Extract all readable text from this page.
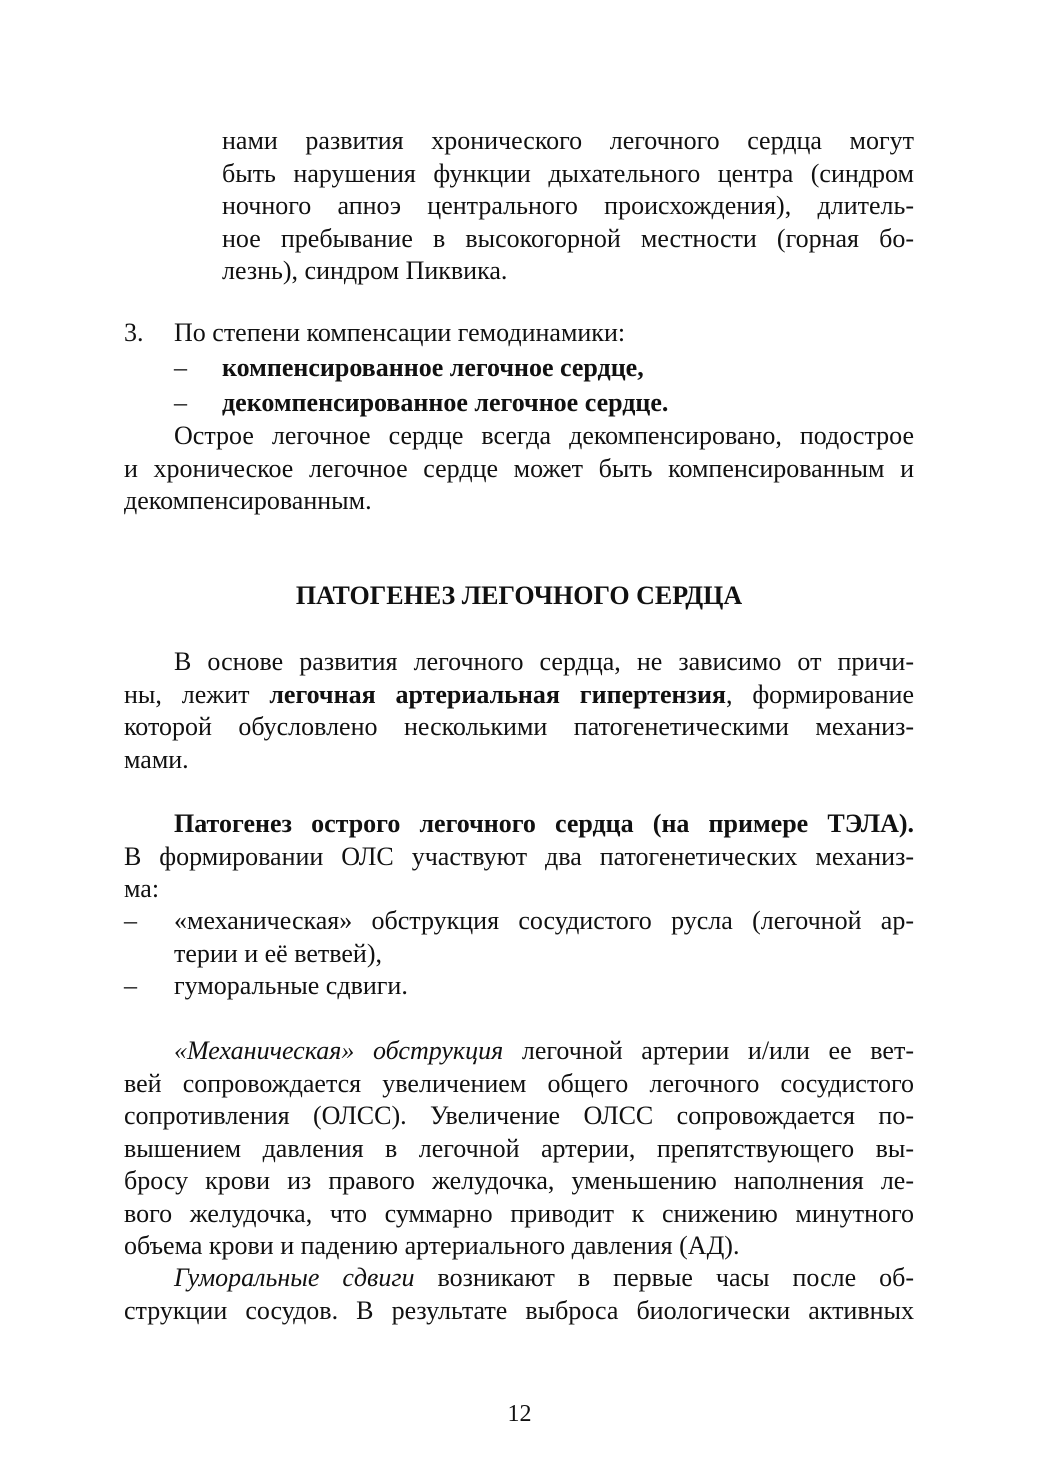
нами развития хронического легочного сердца могут
быть нарушения функции дыхательного центра (синдром
ночного апноэ центрального происхождения), длитель-
ное пребывание в высокогорной местности (горная бо-
лезнь), синдром Пиквика.
3. По степени компенсации гемодинамики:
– компенсированное легочное сердце,
– декомпенсированное легочное сердце.
Острое легочное сердце всегда декомпенсировано, подострое
и хроническое легочное сердце может быть компенсированным и
декомпенсированным.
ПАТОГЕНЕЗ ЛЕГОЧНОГО СЕРДЦА
В основе развития легочного сердца, не зависимо от причи-
ны, лежит легочная артериальная гипертензия, формирование
которой обусловлено несколькими патогенетическими механиз-
мами.
Патогенез острого легочного сердца (на примере ТЭЛА).
В формировании ОЛС участвуют два патогенетических механиз-
ма:
– «механическая» обструкция сосудистого русла (легочной ар-
терии и её ветвей),
– гуморальные сдвиги.
«Механическая» обструкция легочной артерии и/или ее вет-
вей сопровождается увеличением общего легочного сосудистого
сопротивления (ОЛСС). Увеличение ОЛСС сопровождается по-
вышением давления в легочной артерии, препятствующего вы-
бросу крови из правого желудочка, уменьшению наполнения ле-
вого желудочка, что суммарно приводит к снижению минутного
объема крови и падению артериального давления (АД).
Гуморальные сдвиги возникают в первые часы после об-
струкции сосудов. В результате выброса биологически активных
12
